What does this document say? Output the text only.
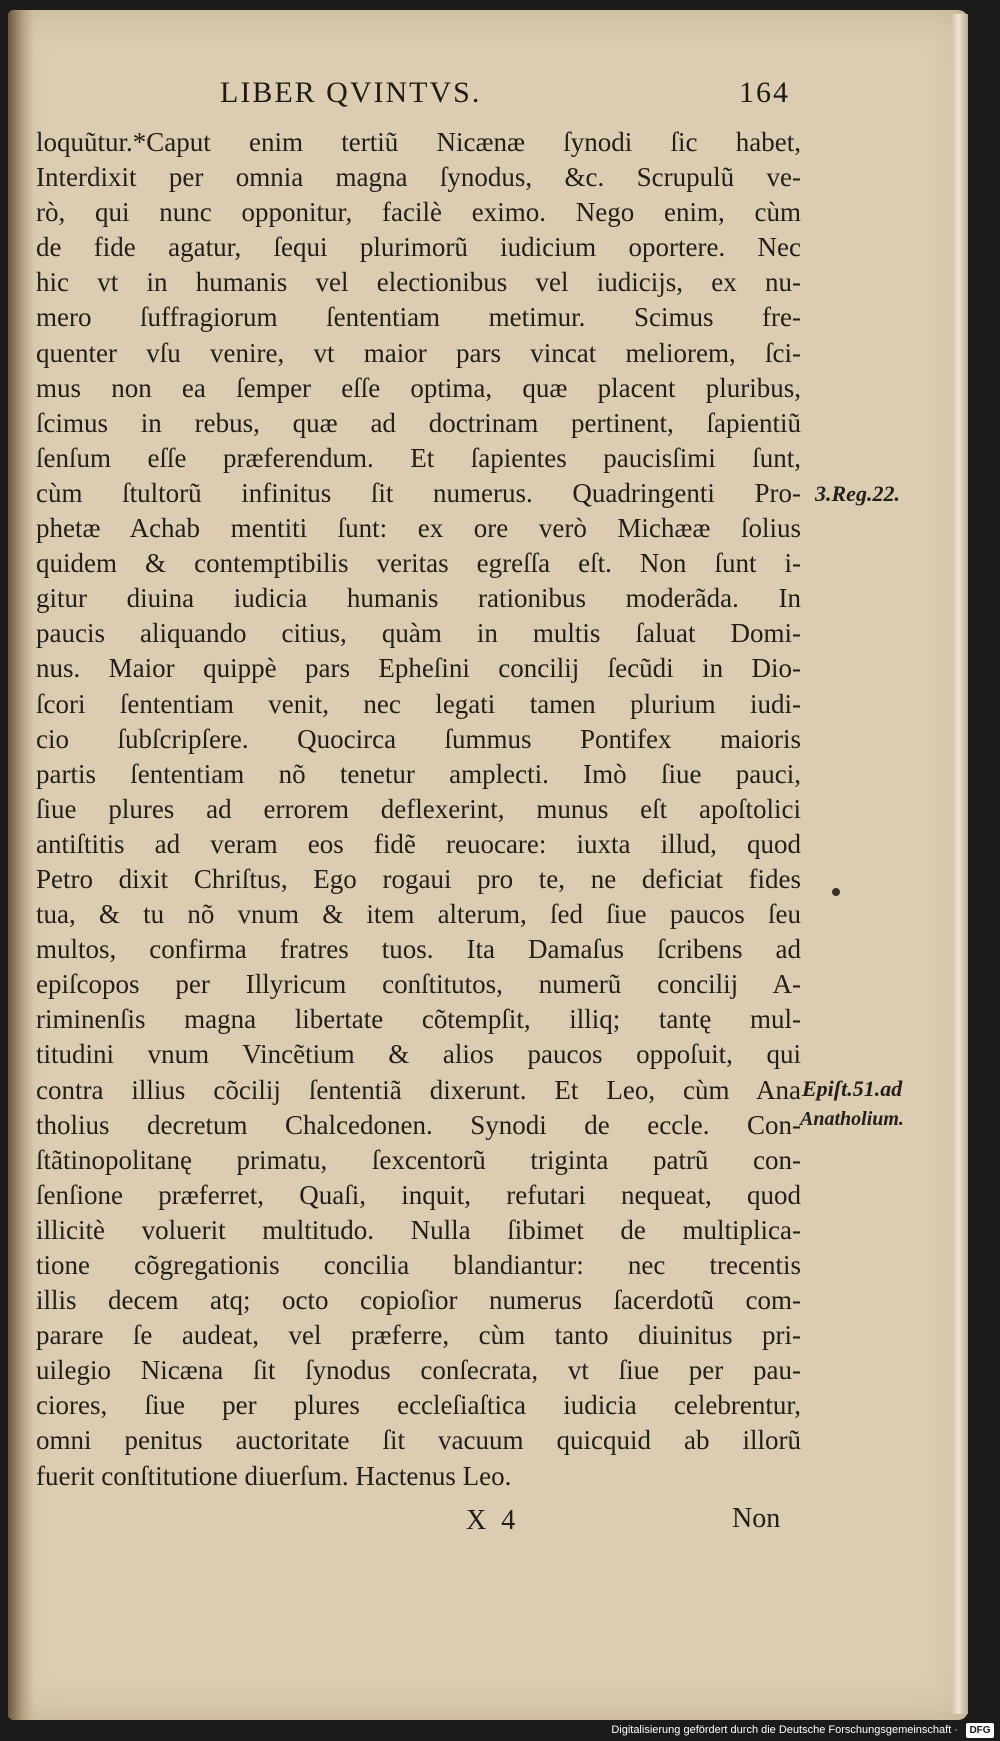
LIBER QVINTVS.	164
loquũtur.*Caput enim tertiũ Nicænæ ſynodi ſic habet,
Interdixit per omnia magna ſynodus, &c. Scrupulũ ve-
rò, qui nunc opponitur, facilè eximo. Nego enim, cùm
de fide agatur, ſequi plurimorũ iudicium oportere. Nec
hic vt in humanis vel electionibus vel iudicijs, ex nu-
mero ſuffragiorum ſententiam metimur. Scimus fre-
quenter vſu venire, vt maior pars vincat meliorem, ſci-
mus non ea ſemper eſſe optima, quæ placent pluribus,
ſcimus in rebus, quæ ad doctrinam pertinent, ſapientiũ
ſenſum eſſe præferendum. Et ſapientes paucisſimi ſunt,
cùm ſtultorũ infinitus ſit numerus. Quadringenti Pro-
phetæ Achab mentiti ſunt: ex ore verò Michææ ſolius
quidem & contemptibilis veritas egreſſa eſt. Non ſunt i-
gitur diuina iudicia humanis rationibus moderãda. In
paucis aliquando citius, quàm in multis ſaluat Domi-
nus. Maior quippè pars Epheſini concilij ſecũdi in Dio-
ſcori ſententiam venit, nec legati tamen plurium iudi-
cio ſubſcripſere. Quocirca ſummus Pontifex maioris
partis ſententiam nõ tenetur amplecti. Imò ſiue pauci,
ſiue plures ad errorem deflexerint, munus eſt apoſtolici
antiſtitis ad veram eos fidẽ reuocare: iuxta illud, quod
Petro dixit Chriſtus, Ego rogaui pro te, ne deficiat fides
tua, & tu nõ vnum & item alterum, ſed ſiue paucos ſeu
multos, confirma fratres tuos. Ita Damaſus ſcribens ad
epiſcopos per Illyricum conſtitutos, numerũ concilij A-
riminenſis magna libertate cõtempſit, illiq; tantę mul-
titudini vnum Vincẽtium & alios paucos oppoſuit, qui
contra illius cõcilij ſententiã dixerunt. Et Leo, cùm Ana
tholius decretum Chalcedonen. Synodi de eccle. Con-
ſtãtinopolitanę primatu, ſexcentorũ triginta patrũ con-
ſenſione præferret, Quaſi, inquit, refutari nequeat, quod
illicitè voluerit multitudo. Nulla ſibimet de multiplica-
tione cõgregationis concilia blandiantur: nec trecentis
illis decem atq; octo copioſior numerus ſacerdotũ com-
parare ſe audeat, vel præferre, cùm tanto diuinitus pri-
uilegio Nicæna ſit ſynodus conſecrata, vt ſiue per pau-
ciores, ſiue per plures eccleſiaſtica iudicia celebrentur,
omni penitus auctoritate ſit vacuum quicquid ab illorũ
fuerit conſtitutione diuerſum. Hactenus Leo.
3.Reg.22.
Epiſt.51.ad
Anatholium.
X 4	Non
Digitalisierung gefördert durch die Deutsche Forschungsgemeinschaft ·	DFG
